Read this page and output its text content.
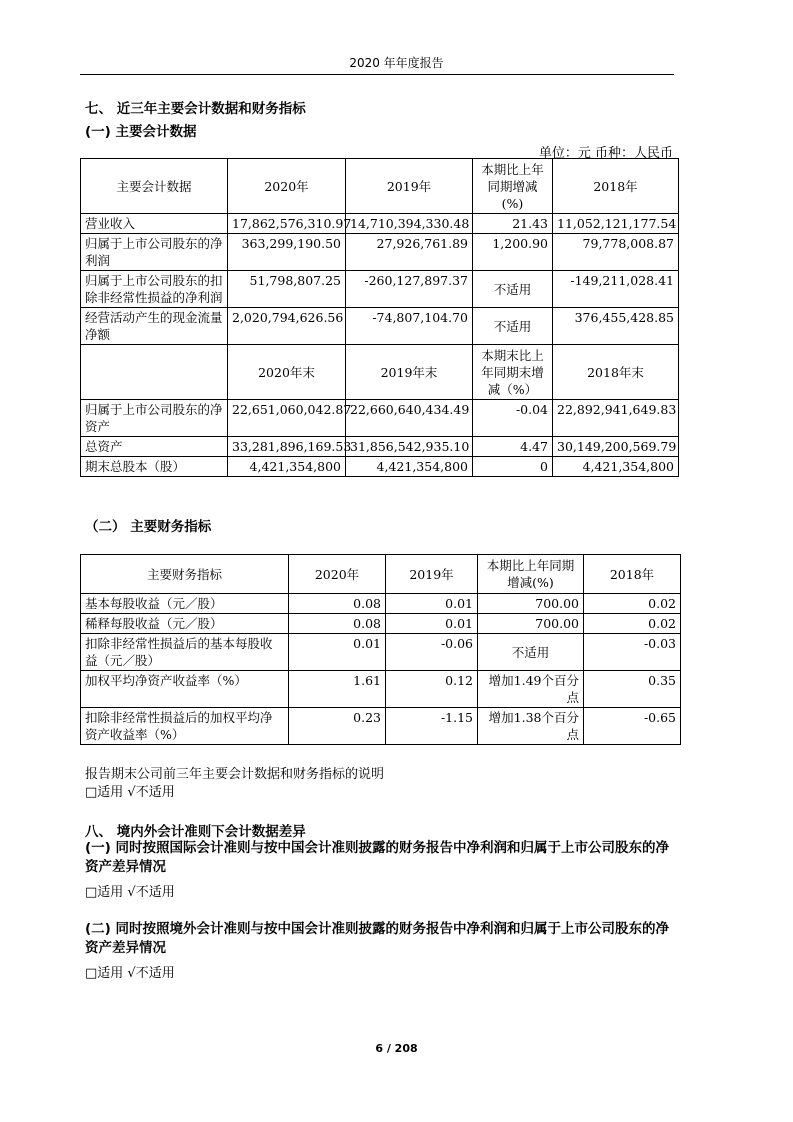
2020 年年度报告
七、 近三年主要会计数据和财务指标
(一) 主要会计数据
单位：元 币种：人民币
主要会计数据	2020年	2019年	本期比上年同期增减(%)	2018年
营业收入	17,862,576,310.97	14,710,394,330.48	21.43	11,052,121,177.54
归属于上市公司股东的净利润	363,299,190.50	27,926,761.89	1,200.90	79,778,008.87
归属于上市公司股东的扣除非经常性损益的净利润	51,798,807.25	-260,127,897.37	不适用	-149,211,028.41
经营活动产生的现金流量净额	2,020,794,626.56	-74,807,104.70	不适用	376,455,428.85
	2020年末	2019年末	本期末比上年同期末增减（%）	2018年末
归属于上市公司股东的净资产	22,651,060,042.87	22,660,640,434.49	-0.04	22,892,941,649.83
总资产	33,281,896,169.53	31,856,542,935.10	4.47	30,149,200,569.79
期末总股本（股）	4,421,354,800	4,421,354,800	0	4,421,354,800
（二） 主要财务指标
主要财务指标	2020年	2019年	本期比上年同期增减(%)	2018年
基本每股收益（元／股）	0.08	0.01	700.00	0.02
稀释每股收益（元／股）	0.08	0.01	700.00	0.02
扣除非经常性损益后的基本每股收益（元／股）	0.01	-0.06	不适用	-0.03
加权平均净资产收益率（%）	1.61	0.12	增加1.49个百分点	0.35
扣除非经常性损益后的加权平均净资产收益率（%）	0.23	-1.15	增加1.38个百分点	-0.65
报告期末公司前三年主要会计数据和财务指标的说明
□适用 √不适用
八、 境内外会计准则下会计数据差异
(一) 同时按照国际会计准则与按中国会计准则披露的财务报告中净利润和归属于上市公司股东的净资产差异情况
□适用 √不适用
(二) 同时按照境外会计准则与按中国会计准则披露的财务报告中净利润和归属于上市公司股东的净资产差异情况
□适用 √不适用
6 / 208
